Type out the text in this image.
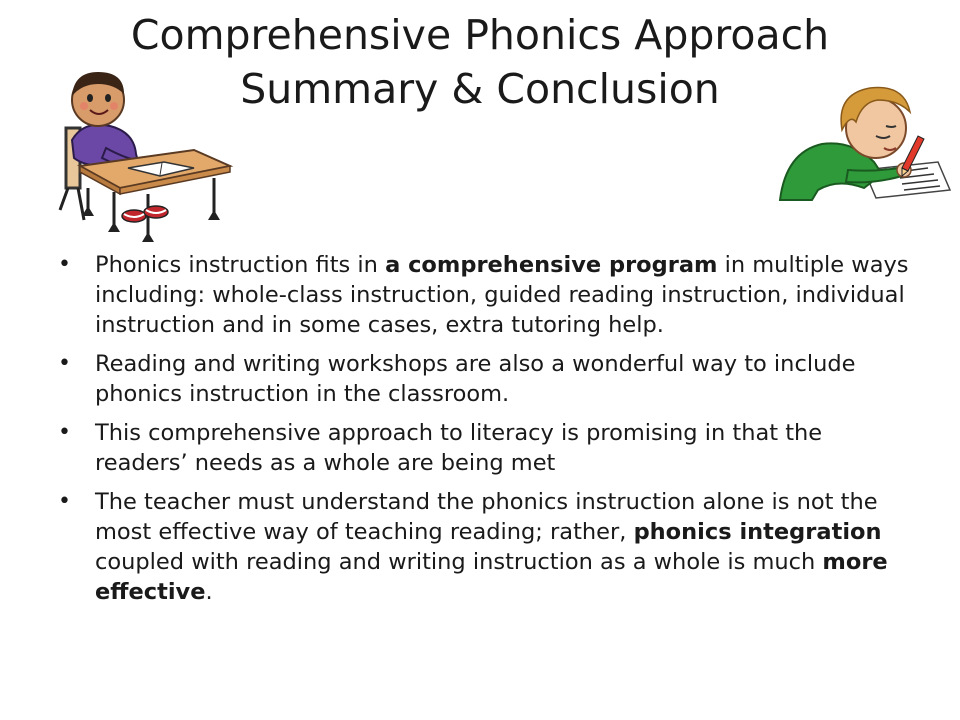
Comprehensive Phonics Approach
Summary & Conclusion
•	Phonics instruction fits in a comprehensive program in multiple ways including: whole-class instruction, guided reading instruction, individual instruction and in some cases, extra tutoring help.
•	Reading and writing workshops are also a wonderful way to include phonics instruction in the classroom.
•	This comprehensive approach to literacy is promising in that the readers’ needs as a whole are being met
•	The teacher must understand the phonics instruction alone is not the most effective way of teaching reading; rather, phonics integration coupled with reading and writing instruction as a whole is much more effective.
